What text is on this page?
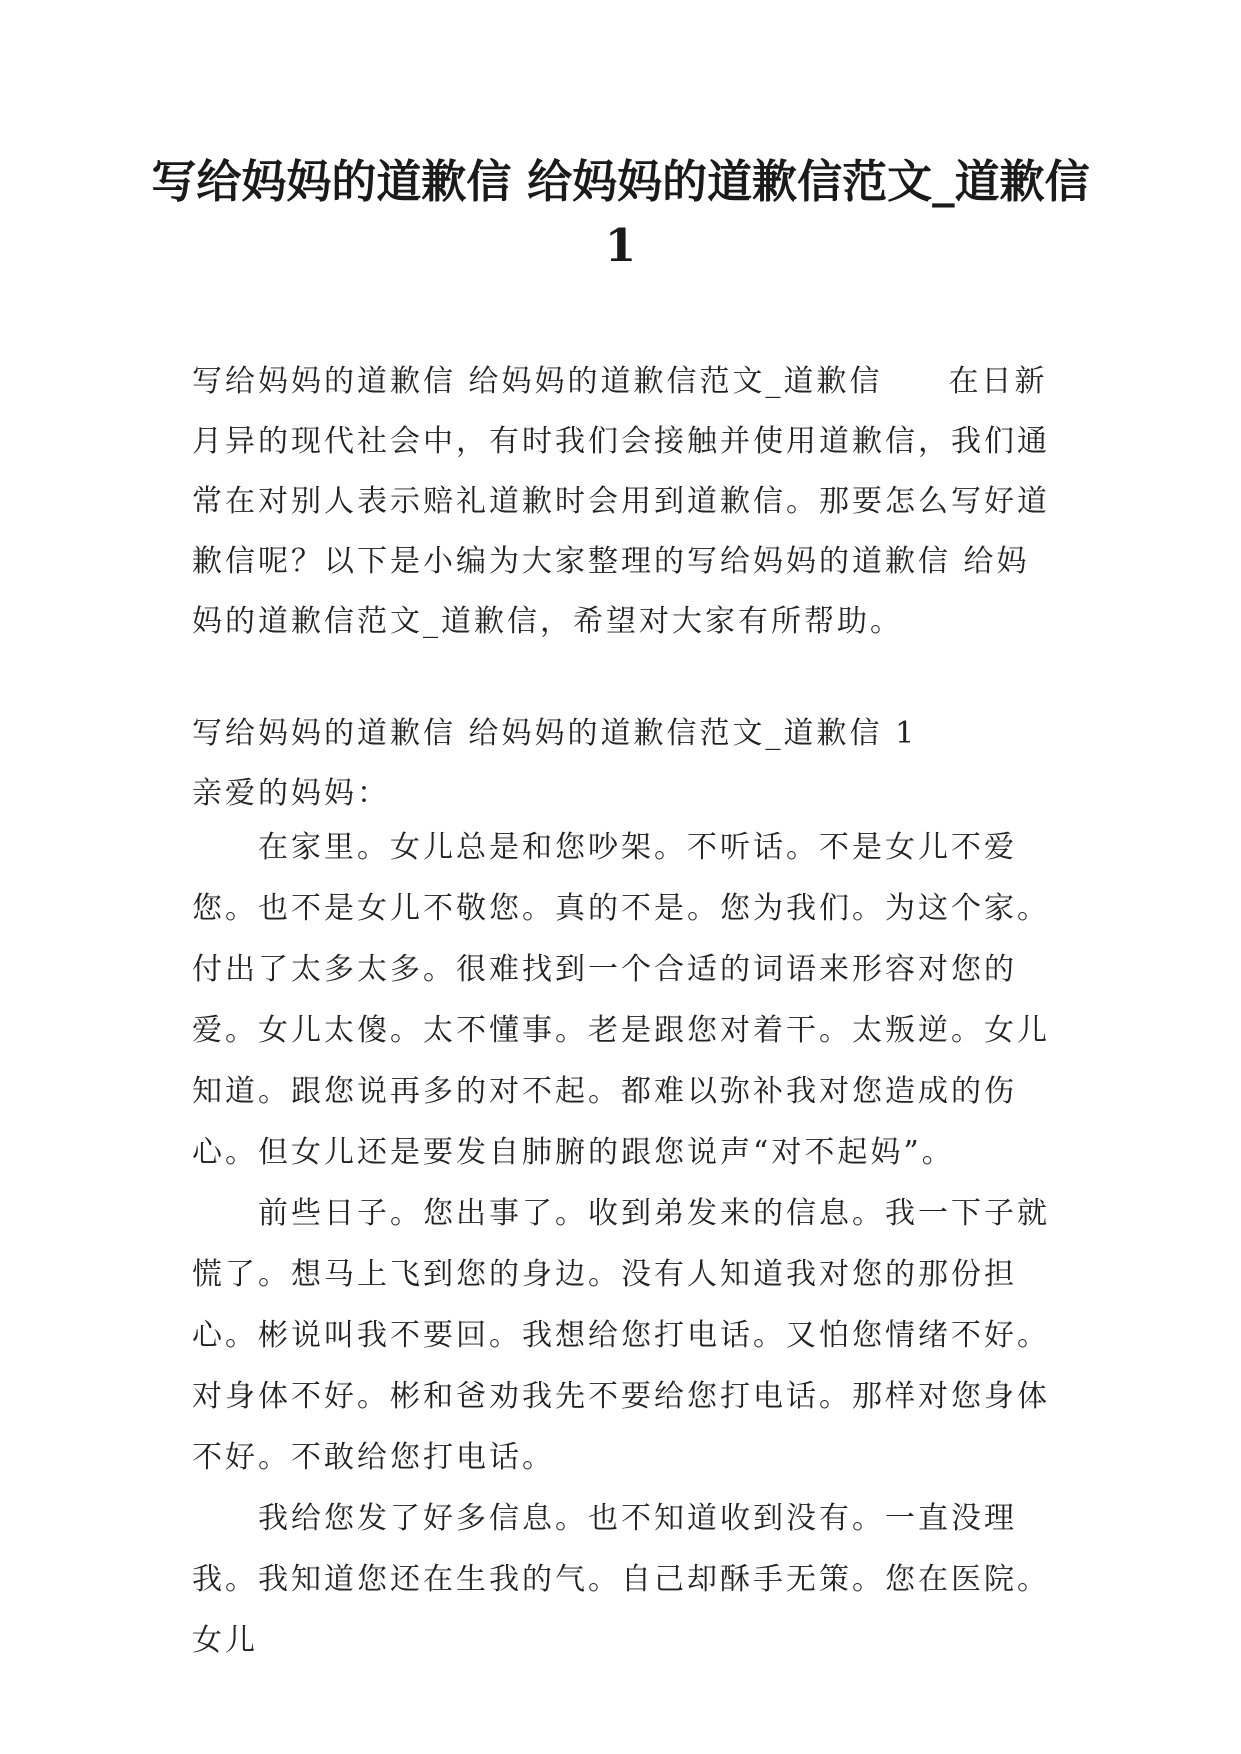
写给妈妈的道歉信 给妈妈的道歉信范文_道歉信 1

写给妈妈的道歉信 给妈妈的道歉信范文_道歉信　　在日新月异的现代社会中，有时我们会接触并使用道歉信，我们通常在对别人表示赔礼道歉时会用到道歉信。那要怎么写好道歉信呢？以下是小编为大家整理的写给妈妈的道歉信 给妈妈的道歉信范文_道歉信，希望对大家有所帮助。

写给妈妈的道歉信 给妈妈的道歉信范文_道歉信 1

亲爱的妈妈：

在家里。女儿总是和您吵架。不听话。不是女儿不爱您。也不是女儿不敬您。真的不是。您为我们。为这个家。付出了太多太多。很难找到一个合适的词语来形容对您的爱。女儿太傻。太不懂事。老是跟您对着干。太叛逆。女儿知道。跟您说再多的对不起。都难以弥补我对您造成的伤心。但女儿还是要发自肺腑的跟您说声“对不起妈”。

前些日子。您出事了。收到弟发来的信息。我一下子就慌了。想马上飞到您的身边。没有人知道我对您的那份担心。彬说叫我不要回。我想给您打电话。又怕您情绪不好。对身体不好。彬和爸劝我先不要给您打电话。那样对您身体不好。不敢给您打电话。

我给您发了好多信息。也不知道收到没有。一直没理我。我知道您还在生我的气。自己却酥手无策。您在医院。女儿
